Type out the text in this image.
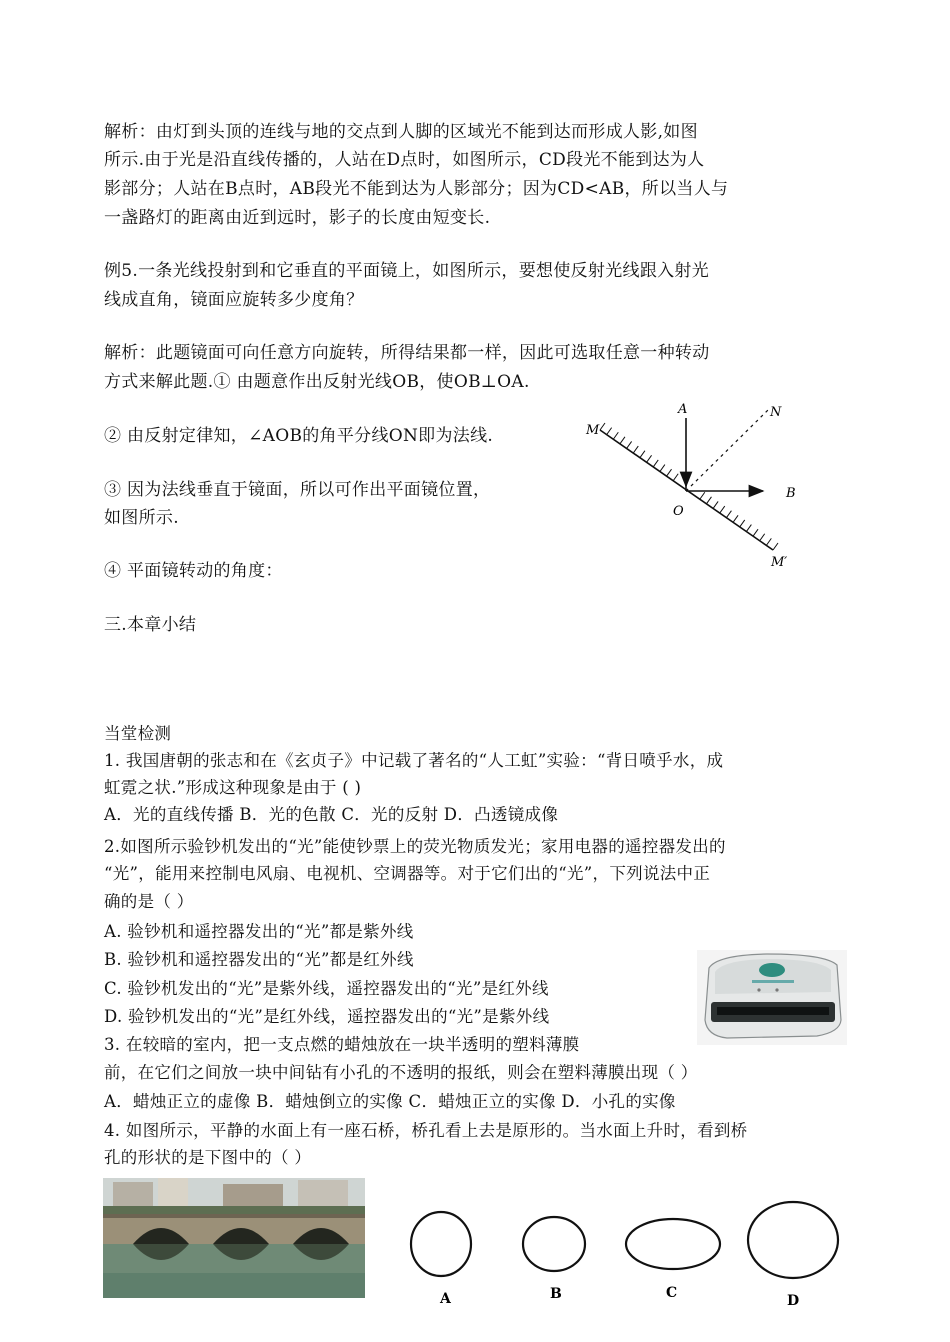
解析：由灯到头顶的连线与地的交点到人脚的区域光不能到达而形成人影,如图
所示.由于光是沿直线传播的，人站在D点时，如图所示，CD段光不能到达为人
影部分；人站在B点时，AB段光不能到达为人影部分；因为CD<AB，所以当人与
一盏路灯的距离由近到远时，影子的长度由短变长.
例5.一条光线投射到和它垂直的平面镜上，如图所示，要想使反射光线跟入射光
线成直角，镜面应旋转多少度角？
解析：此题镜面可向任意方向旋转，所得结果都一样，因此可选取任意一种转动
方式来解此题.① 由题意作出反射光线OB，使OB⊥OA.
② 由反射定律知，∠AOB的角平分线ON即为法线.
③ 因为法线垂直于镜面，所以可作出平面镜位置，
如图所示.
④ 平面镜转动的角度：
三.本章小结
A	N
M
B
O
M′
当堂检测
1. 我国唐朝的张志和在《玄贞子》中记载了著名的“人工虹”实验：“背日喷乎水，成
虹霓之状.”形成这种现象是由于 ( )
A．光的直线传播 B．光的色散 C．光的反射 D．凸透镜成像
2.如图所示验钞机发出的“光”能使钞票上的荧光物质发光；家用电器的遥控器发出的
“光”，能用来控制电风扇、电视机、空调器等。对于它们出的“光”，下列说法中正
确的是（ ）
A. 验钞机和遥控器发出的“光”都是紫外线
B. 验钞机和遥控器发出的“光”都是红外线
C. 验钞机发出的“光”是紫外线，遥控器发出的“光”是红外线
D. 验钞机发出的“光”是红外线，遥控器发出的“光”是紫外线
3. 在较暗的室内，把一支点燃的蜡烛放在一块半透明的塑料薄膜
前，在它们之间放一块中间钻有小孔的不透明的报纸，则会在塑料薄膜出现（ ）
A．蜡烛正立的虚像 B．蜡烛倒立的实像 C．蜡烛正立的实像 D．小孔的实像
4. 如图所示，平静的水面上有一座石桥，桥孔看上去是原形的。当水面上升时，看到桥
孔的形状的是下图中的（ ）
A	B	C	D
